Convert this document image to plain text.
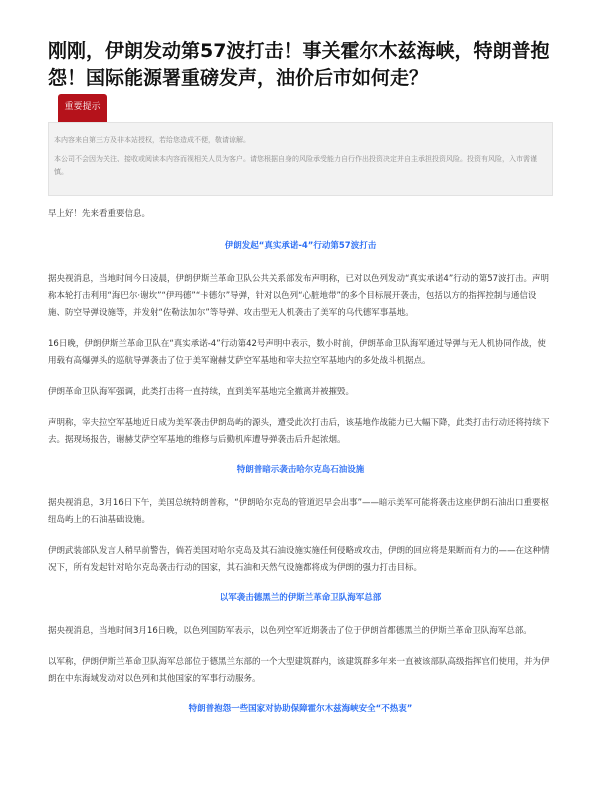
刚刚，伊朗发动第57波打击！事关霍尔木兹海峡，特朗普抱怨！国际能源署重磅发声，油价后市如何走？
重要提示

本内容来自第三方及非本站授权，若给您造成不便，敬请谅解。

本公司不会因为关注、接收或阅读本内容而视相关人员为客户。请您根据自身的风险承受能力自行作出投资决定并自主承担投资风险。投资有风险，入市需谨慎。

早上好！先来看重要信息。

伊朗发起“真实承诺-4”行动第57波打击

据央视消息，当地时间今日凌晨，伊朗伊斯兰革命卫队公共关系部发布声明称，已对以色列发动“真实承诺4”行动的第57波打击。声明称本轮打击利用“海巴尔·谢坎”“伊玛德”“卡德尔”导弹，针对以色列“心脏地带”的多个目标展开袭击，包括以方的指挥控制与通信设施、防空导弹设施等，并发射“佐勒法加尔”等导弹、攻击型无人机袭击了美军的乌代德军事基地。

16日晚，伊朗伊斯兰革命卫队在“真实承诺-4”行动第42号声明中表示，数小时前，伊朗革命卫队海军通过导弹与无人机协同作战，使用载有高爆弹头的巡航导弹袭击了位于美军谢赫艾萨空军基地和宰夫拉空军基地内的多处战斗机据点。

伊朗革命卫队海军强调，此类打击将一直持续，直到美军基地完全撤离并被摧毁。

声明称，宰夫拉空军基地近日成为美军袭击伊朗岛屿的源头，遭受此次打击后，该基地作战能力已大幅下降，此类打击行动还将持续下去。据现场报告，谢赫艾萨空军基地的维修与后勤机库遭导弹袭击后升起浓烟。

特朗普暗示袭击哈尔克岛石油设施

据央视消息，3月16日下午，美国总统特朗普称，“伊朗哈尔克岛的管道迟早会出事”——暗示美军可能将袭击这座伊朗石油出口重要枢纽岛屿上的石油基础设施。

伊朗武装部队发言人稍早前警告，倘若美国对哈尔克岛及其石油设施实施任何侵略或攻击，伊朗的回应将是果断而有力的——在这种情况下，所有发起针对哈尔克岛袭击行动的国家，其石油和天然气设施都将成为伊朗的强力打击目标。

以军袭击德黑兰的伊斯兰革命卫队海军总部

据央视消息，当地时间3月16日晚，以色列国防军表示，以色列空军近期袭击了位于伊朗首都德黑兰的伊斯兰革命卫队海军总部。

以军称，伊朗伊斯兰革命卫队海军总部位于德黑兰东部的一个大型建筑群内，该建筑群多年来一直被该部队高级指挥官们使用，并为伊朗在中东海域发动对以色列和其他国家的军事行动服务。

特朗普抱怨一些国家对协助保障霍尔木兹海峡安全“不热衷”
